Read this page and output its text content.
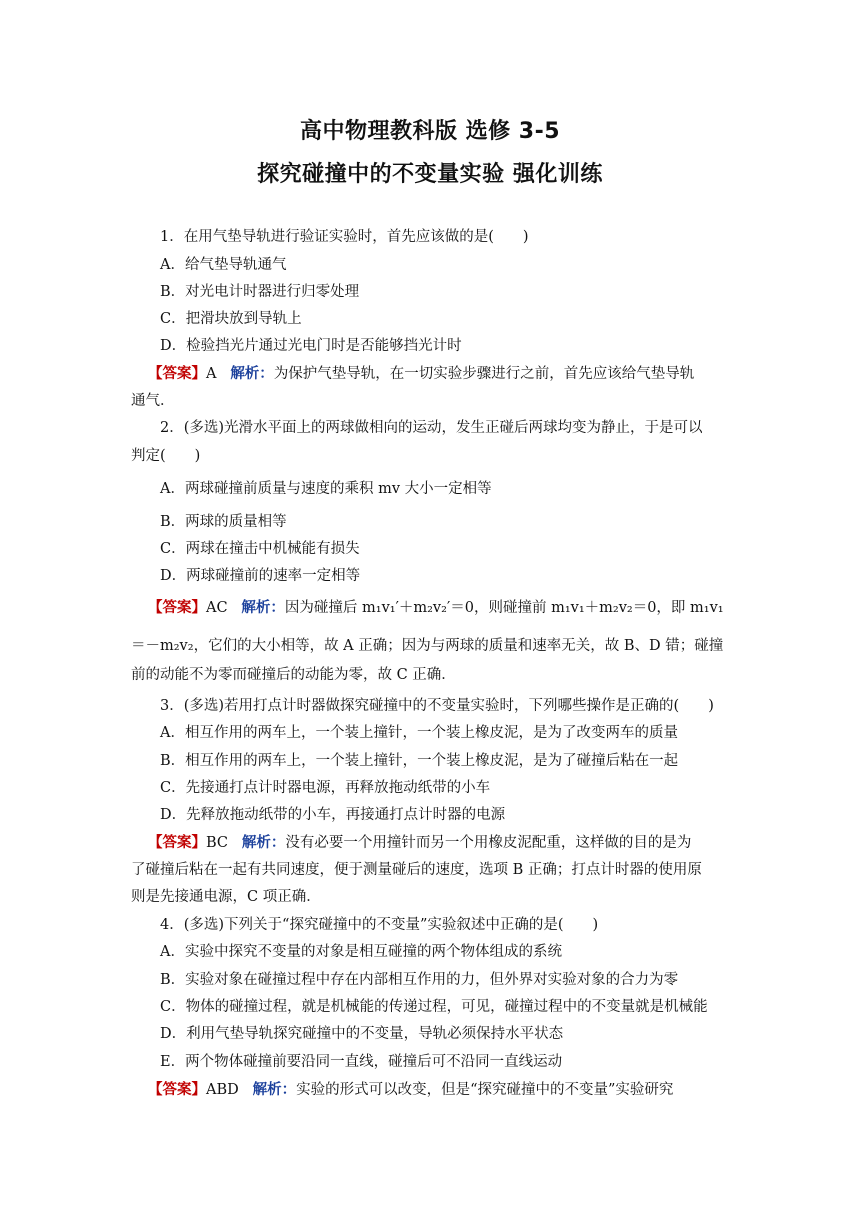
高中物理教科版 选修 3-5
探究碰撞中的不变量实验 强化训练
1．在用气垫导轨进行验证实验时，首先应该做的是(　　)
A．给气垫导轨通气
B．对光电计时器进行归零处理
C．把滑块放到导轨上
D．检验挡光片通过光电门时是否能够挡光计时
【答案】A 解析：为保护气垫导轨，在一切实验步骤进行之前，首先应该给气垫导轨
通气．
2．(多选)光滑水平面上的两球做相向的运动，发生正碰后两球均变为静止，于是可以
判定(　　)
A．两球碰撞前质量与速度的乘积 mv 大小一定相等
B．两球的质量相等
C．两球在撞击中机械能有损失
D．两球碰撞前的速率一定相等
【答案】AC 解析：因为碰撞后 m₁v₁′＋m₂v₂′＝0，则碰撞前 m₁v₁＋m₂v₂＝0，即 m₁v₁
＝－m₂v₂，它们的大小相等，故 A 正确；因为与两球的质量和速率无关，故 B、D 错；碰撞
前的动能不为零而碰撞后的动能为零，故 C 正确．
3．(多选)若用打点计时器做探究碰撞中的不变量实验时，下列哪些操作是正确的(　　)
A．相互作用的两车上，一个装上撞针，一个装上橡皮泥，是为了改变两车的质量
B．相互作用的两车上，一个装上撞针，一个装上橡皮泥，是为了碰撞后粘在一起
C．先接通打点计时器电源，再释放拖动纸带的小车
D．先释放拖动纸带的小车，再接通打点计时器的电源
【答案】BC 解析：没有必要一个用撞针而另一个用橡皮泥配重，这样做的目的是为
了碰撞后粘在一起有共同速度，便于测量碰后的速度，选项 B 正确；打点计时器的使用原
则是先接通电源，C 项正确．
4．(多选)下列关于“探究碰撞中的不变量”实验叙述中正确的是(　　)
A．实验中探究不变量的对象是相互碰撞的两个物体组成的系统
B．实验对象在碰撞过程中存在内部相互作用的力，但外界对实验对象的合力为零
C．物体的碰撞过程，就是机械能的传递过程，可见，碰撞过程中的不变量就是机械能
D．利用气垫导轨探究碰撞中的不变量，导轨必须保持水平状态
E．两个物体碰撞前要沿同一直线，碰撞后可不沿同一直线运动
【答案】ABD 解析：实验的形式可以改变，但是“探究碰撞中的不变量”实验研究
